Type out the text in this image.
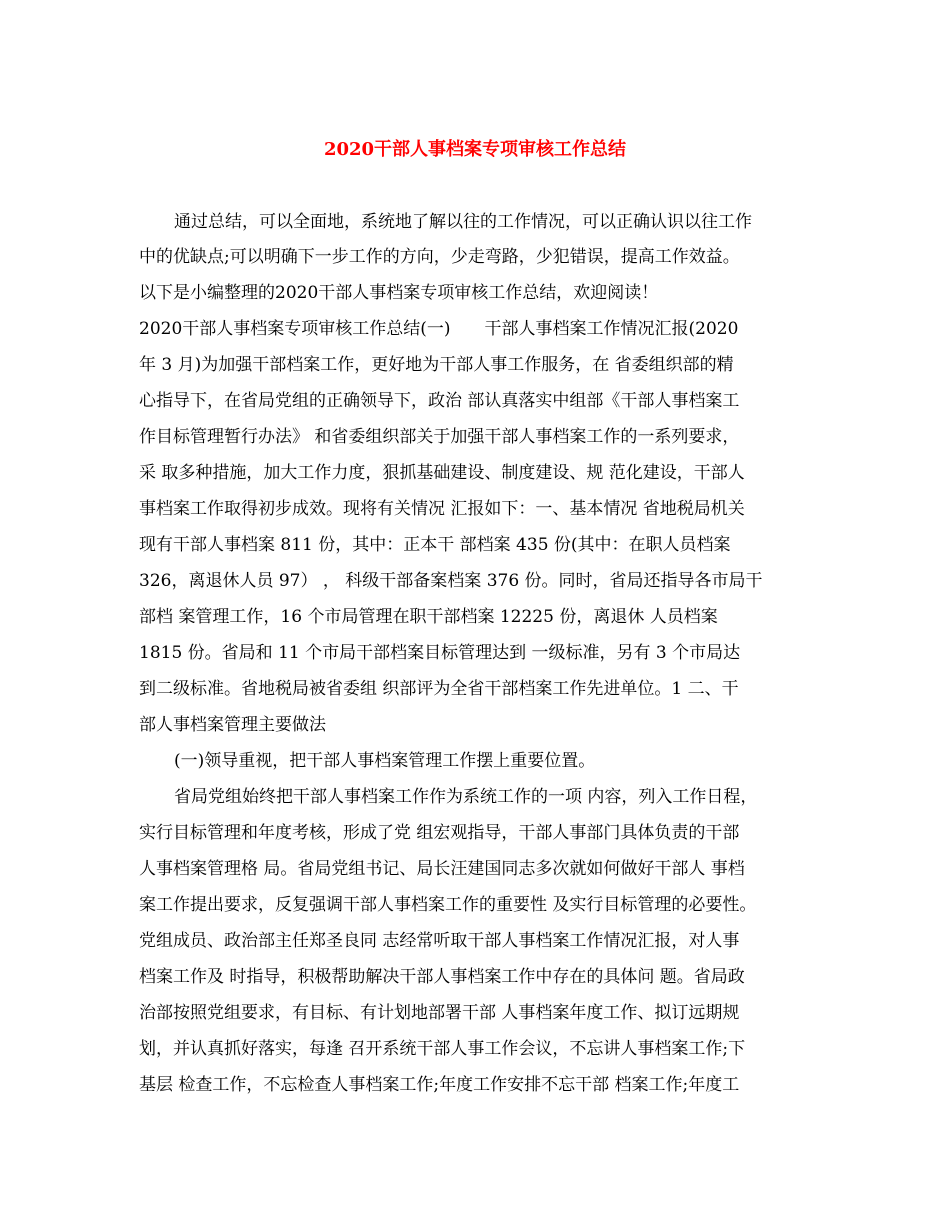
2020干部人事档案专项审核工作总结
通过总结，可以全面地，系统地了解以往的工作情况，可以正确认识以往工作
中的优缺点;可以明确下一步工作的方向，少走弯路，少犯错误，提高工作效益。
以下是小编整理的2020干部人事档案专项审核工作总结，欢迎阅读！
2020干部人事档案专项审核工作总结(一)　　干部人事档案工作情况汇报(2020
年 3 月)为加强干部档案工作，更好地为干部人事工作服务，在 省委组织部的精
心指导下，在省局党组的正确领导下，政治 部认真落实中组部《干部人事档案工
作目标管理暂行办法》 和省委组织部关于加强干部人事档案工作的一系列要求，
采 取多种措施，加大工作力度，狠抓基础建设、制度建设、规 范化建设，干部人
事档案工作取得初步成效。现将有关情况 汇报如下：一、基本情况 省地税局机关
现有干部人事档案 811 份，其中：正本干 部档案 435 份(其中：在职人员档案
326，离退休人员 97） ， 科级干部备案档案 376 份。同时，省局还指导各市局干
部档 案管理工作，16 个市局管理在职干部档案 12225 份，离退休 人员档案
1815 份。省局和 11 个市局干部档案目标管理达到 一级标准，另有 3 个市局达
到二级标准。省地税局被省委组 织部评为全省干部档案工作先进单位。1 二、干
部人事档案管理主要做法
(一)领导重视，把干部人事档案管理工作摆上重要位置。
省局党组始终把干部人事档案工作作为系统工作的一项 内容，列入工作日程，
实行目标管理和年度考核，形成了党 组宏观指导，干部人事部门具体负责的干部
人事档案管理格 局。省局党组书记、局长汪建国同志多次就如何做好干部人 事档
案工作提出要求，反复强调干部人事档案工作的重要性 及实行目标管理的必要性。
党组成员、政治部主任郑圣良同 志经常听取干部人事档案工作情况汇报，对人事
档案工作及 时指导，积极帮助解决干部人事档案工作中存在的具体问 题。省局政
治部按照党组要求，有目标、有计划地部署干部 人事档案年度工作、拟订远期规
划，并认真抓好落实，每逢 召开系统干部人事工作会议，不忘讲人事档案工作;下
基层 检查工作，不忘检查人事档案工作;年度工作安排不忘干部 档案工作;年度工
